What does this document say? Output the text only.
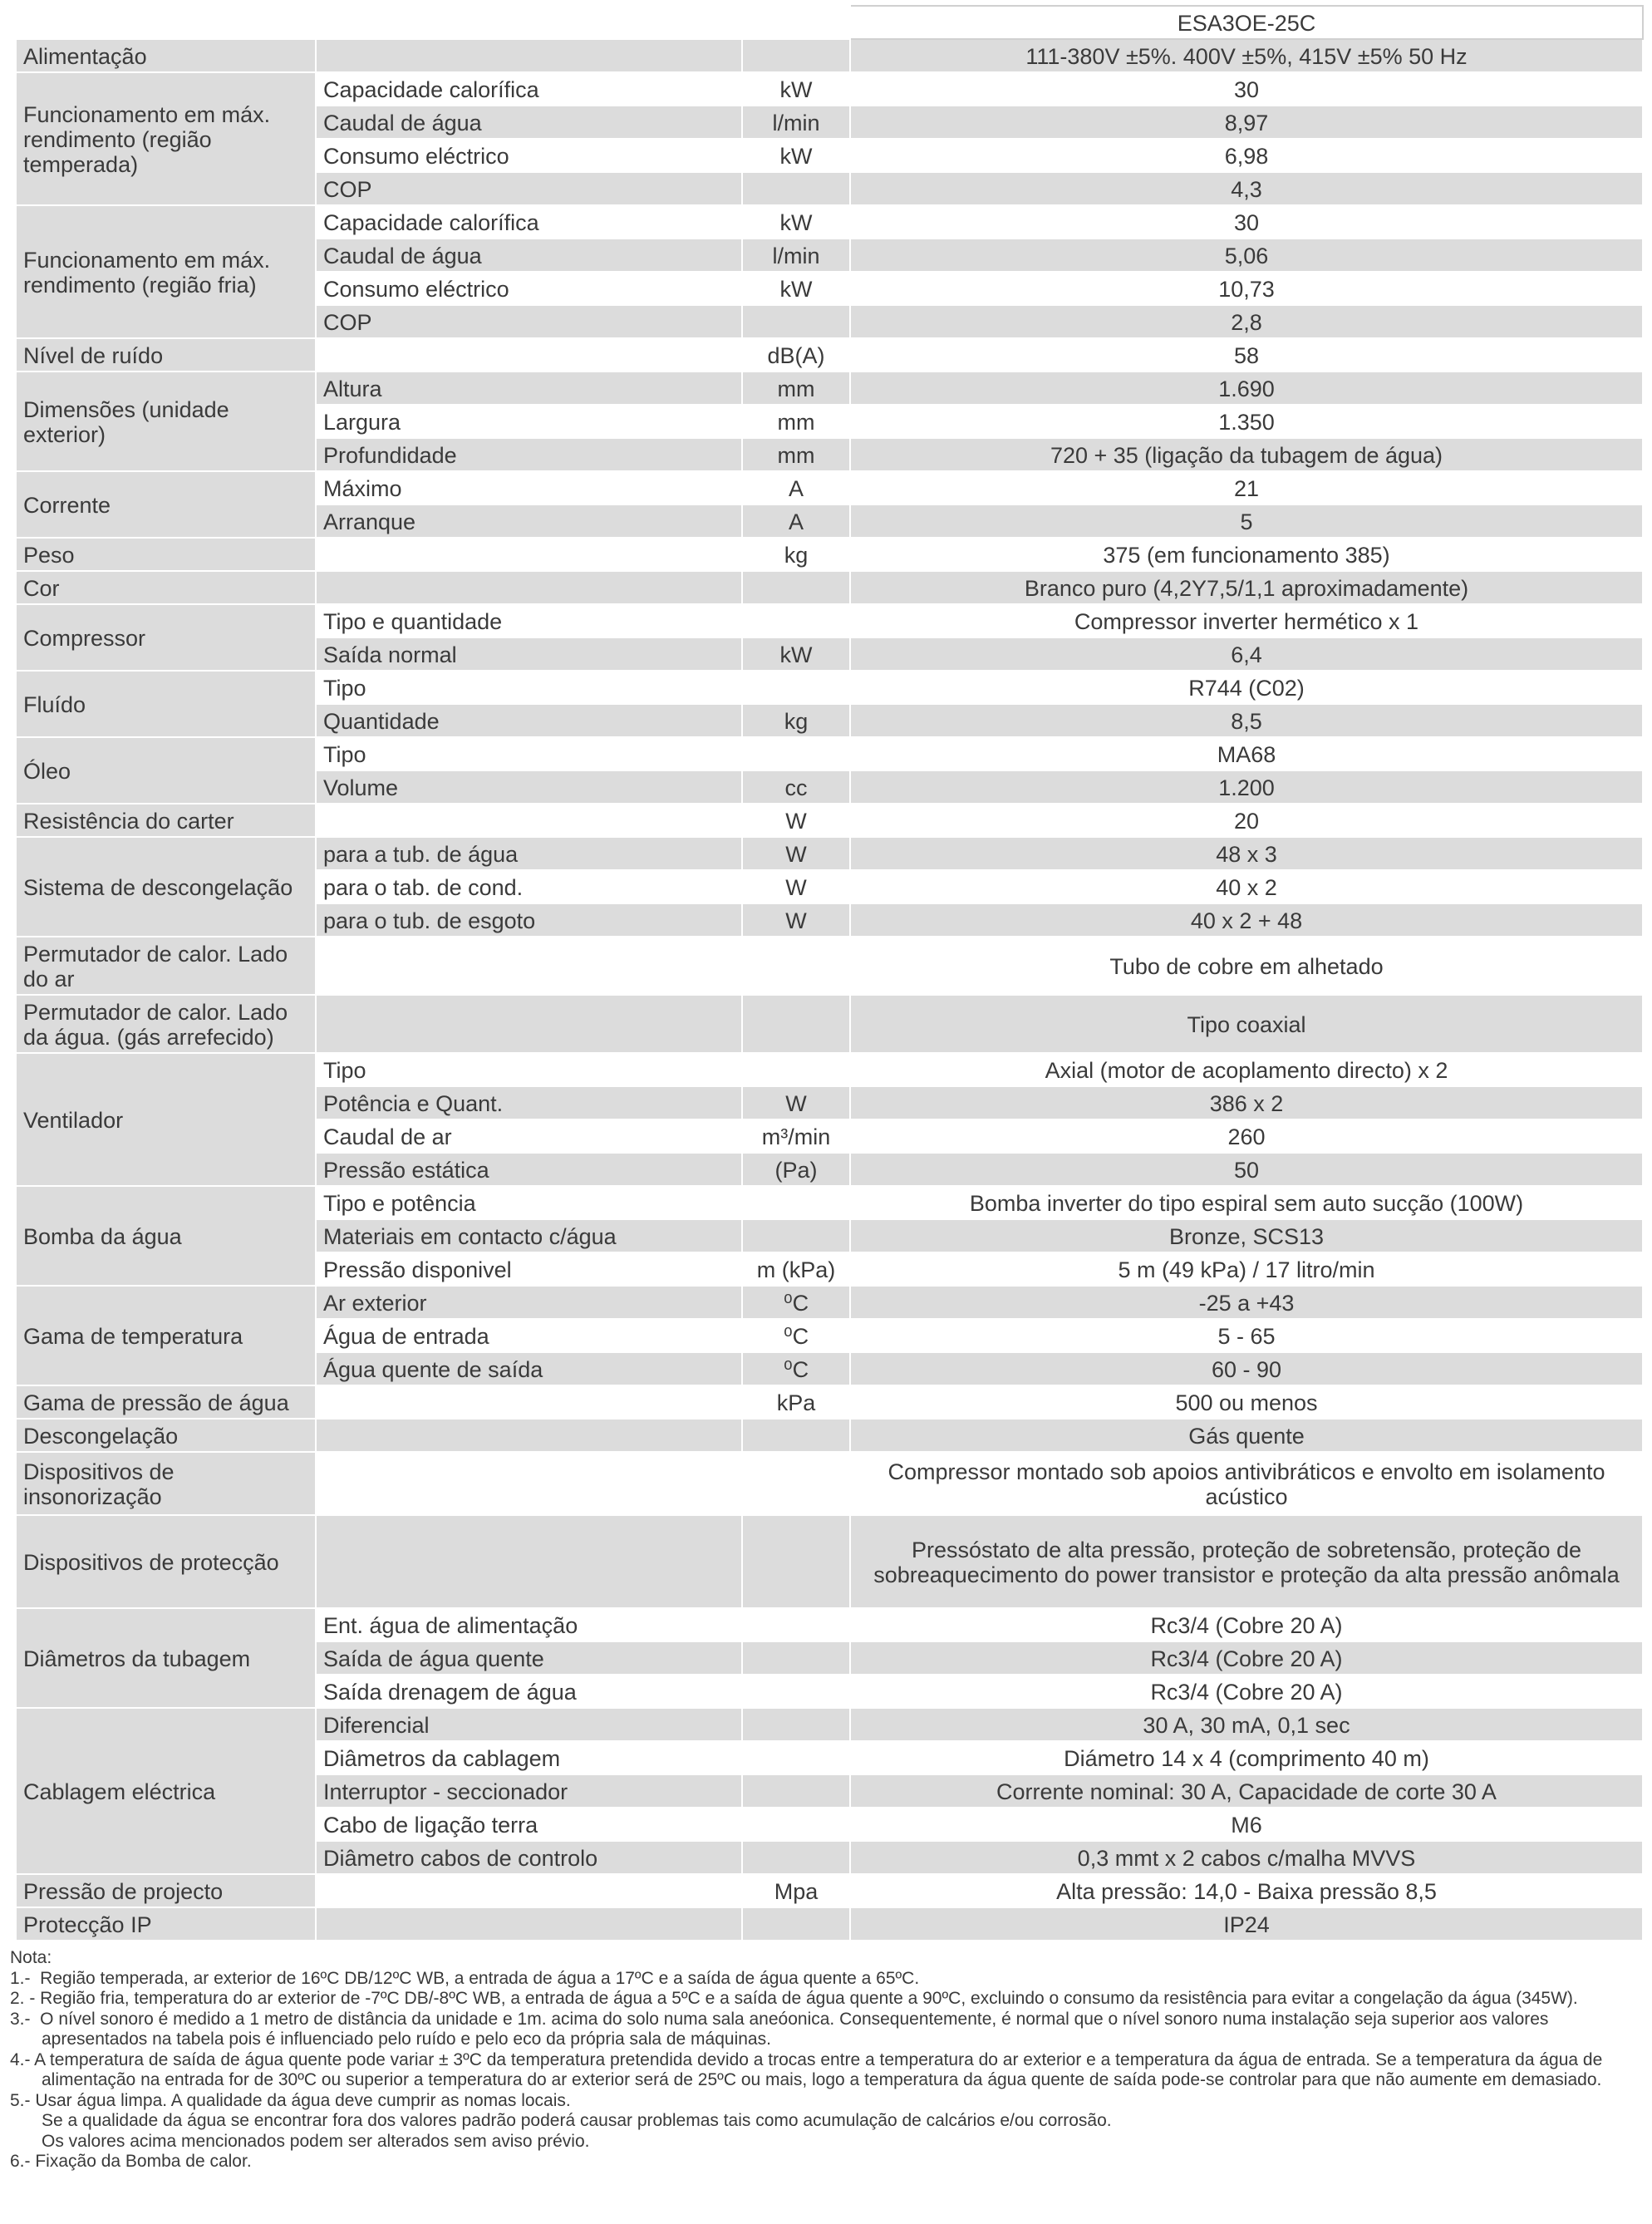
			ESA3OE-25C
Alimentação			111-380V ±5%. 400V ±5%, 415V ±5% 50 Hz
Funcionamento em máx. rendimento (região temperada)	Capacidade calorífica	kW	30
	Caudal de água	l/min	8,97
	Consumo eléctrico	kW	6,98
	COP		4,3
Funcionamento em máx. rendimento (região fria)	Capacidade calorífica	kW	30
	Caudal de água	l/min	5,06
	Consumo eléctrico	kW	10,73
	COP		2,8
Nível de ruído		dB(A)	58
Dimensões (unidade exterior)	Altura	mm	1.690
	Largura	mm	1.350
	Profundidade	mm	720 + 35 (ligação da tubagem de água)
Corrente	Máximo	A	21
	Arranque	A	5
Peso		kg	375 (em funcionamento 385)
Cor			Branco puro (4,2Y7,5/1,1 aproximadamente)
Compressor	Tipo e quantidade		Compressor inverter hermético x 1
	Saída normal	kW	6,4
Fluído	Tipo		R744 (C02)
	Quantidade	kg	8,5
Óleo	Tipo		MA68
	Volume	cc	1.200
Resistência do carter		W	20
Sistema de descongelação	para a tub. de água	W	48 x 3
	para o tab. de cond.	W	40 x 2
	para o tub. de esgoto	W	40 x 2 + 48
Permutador de calor. Lado do ar			Tubo de cobre em alhetado
Permutador de calor. Lado da água. (gás arrefecido)			Tipo coaxial
Ventilador	Tipo		Axial (motor de acoplamento directo) x 2
	Potência e Quant.	W	386 x 2
	Caudal de ar	m³/min	260
	Pressão estática	(Pa)	50
Bomba da água	Tipo e potência		Bomba inverter do tipo espiral sem auto sucção (100W)
	Materiais em contacto c/água		Bronze, SCS13
	Pressão disponivel	m (kPa)	5 m (49 kPa) / 17 litro/min
Gama de temperatura	Ar exterior	⁰C	-25 a +43
	Água de entrada	⁰C	5 - 65
	Água quente de saída	⁰C	60 - 90
Gama de pressão de água		kPa	500 ou menos
Descongelação			Gás quente
Dispositivos de insonorização			Compressor montado sob apoios antivibráticos e envolto em isolamento acústico
Dispositivos de protecção			Pressóstato de alta pressão, proteção de sobretensão, proteção de sobreaquecimento do power transistor e proteção da alta pressão anômala
Diâmetros da tubagem	Ent. água de alimentação		Rc3/4 (Cobre 20 A)
	Saída de água quente		Rc3/4 (Cobre 20 A)
	Saída drenagem de água		Rc3/4 (Cobre 20 A)
Cablagem eléctrica	Diferencial		30 A, 30 mA, 0,1 sec
	Diâmetros da cablagem		Diámetro 14 x 4 (comprimento 40 m)
	Interruptor - seccionador		Corrente nominal: 30 A, Capacidade de corte 30 A
	Cabo de ligação terra		M6
	Diâmetro cabos de controlo		0,3 mmt x 2 cabos c/malha MVVS
Pressão de projecto		Mpa	Alta pressão: 14,0 - Baixa pressão 8,5
Protecção IP			IP24
Nota:
1.-  Região temperada, ar exterior de 16ºC DB/12ºC WB, a entrada de água a 17ºC e a saída de água quente a 65ºC.
2. - Região fria, temperatura do ar exterior de -7ºC DB/-8ºC WB, a entrada de água a 5ºC e a saída de água quente a 90ºC, excluindo o consumo da resistência para evitar a congelação da água (345W).
3.-  O nível sonoro é medido a 1 metro de distância da unidade e 1m. acima do solo numa sala aneóonica. Consequentemente, é normal que o nível sonoro numa instalação seja superior aos valores apresentados na tabela pois é influenciado pelo ruído e pelo eco da própria sala de máquinas.
4.- A temperatura de saída de água quente pode variar ± 3ºC da temperatura pretendida devido a trocas entre a temperatura do ar exterior e a temperatura da água de entrada. Se a temperatura da água de alimentação na entrada for de 30ºC ou superior a temperatura do ar exterior será de 25ºC ou mais, logo a temperatura da água quente de saída pode-se controlar para que não aumente em demasiado.
5.- Usar água limpa. A qualidade da água deve cumprir as nomas locais.
Se a qualidade da água se encontrar fora dos valores padrão poderá causar problemas tais como acumulação de calcários e/ou corrosão.
Os valores acima mencionados podem ser alterados sem aviso prévio.
6.- Fixação da Bomba de calor.
